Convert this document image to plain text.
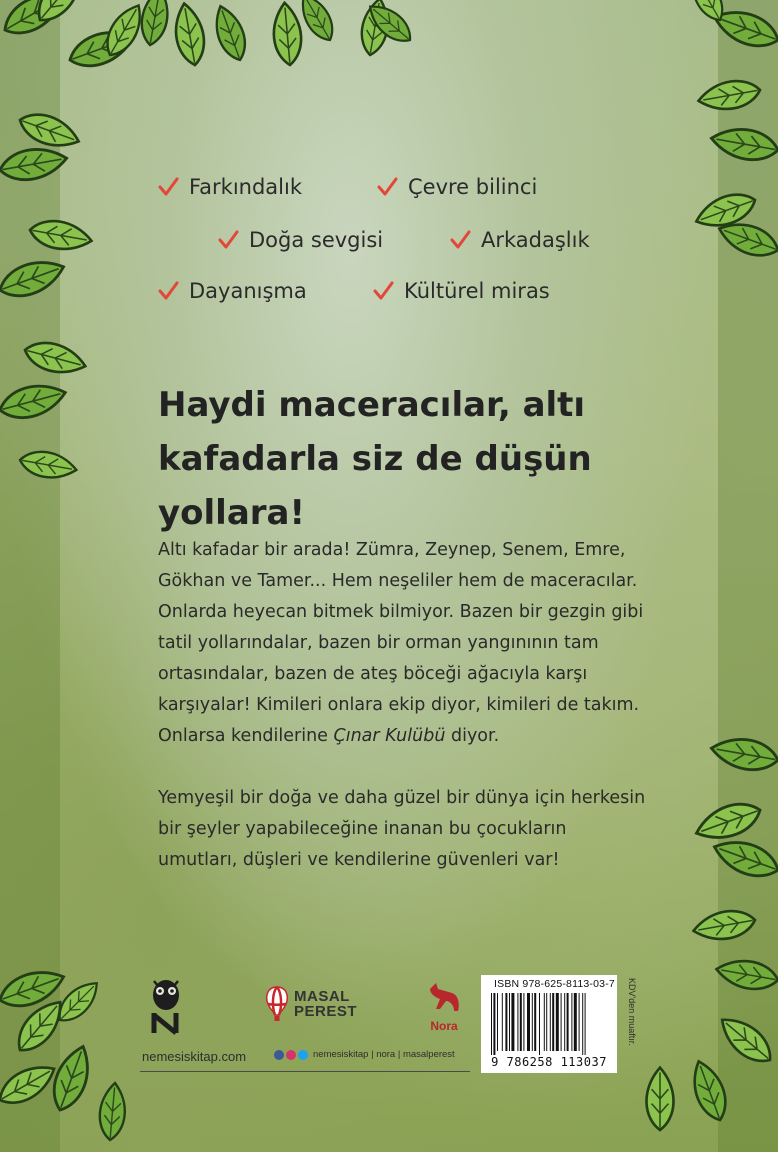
Farkındalık	Çevre bilinci
Doğa sevgisi	Arkadaşlık
Dayanışma	Kültürel miras
Haydi maceracılar, altı kafadarla siz de düşün yollara!

Altı kafadar bir arada! Zümra, Zeynep, Senem, Emre, Gökhan ve Tamer... Hem neşeliler hem de maceracılar. Onlarda heyecan bitmek bilmiyor. Bazen bir gezgin gibi tatil yollarındalar, bazen bir orman yangınının tam ortasındalar, bazen de ateş böceği ağacıyla karşı karşıyalar! Kimileri onlara ekip diyor, kimileri de takım. Onlarsa kendilerine Çınar Kulübü diyor.

Yemyeşil bir doğa ve daha güzel bir dünya için herkesin bir şeyler yapabileceğine inanan bu çocukların umutları, düşleri ve kendilerine güvenleri var!

MASAL
PEREST
Nora
nemesiskitap.com	nemesiskitap | nora | masalperest
ISBN 978-625-8113-03-7
9 786258 113037
KDV'den muaftır.
